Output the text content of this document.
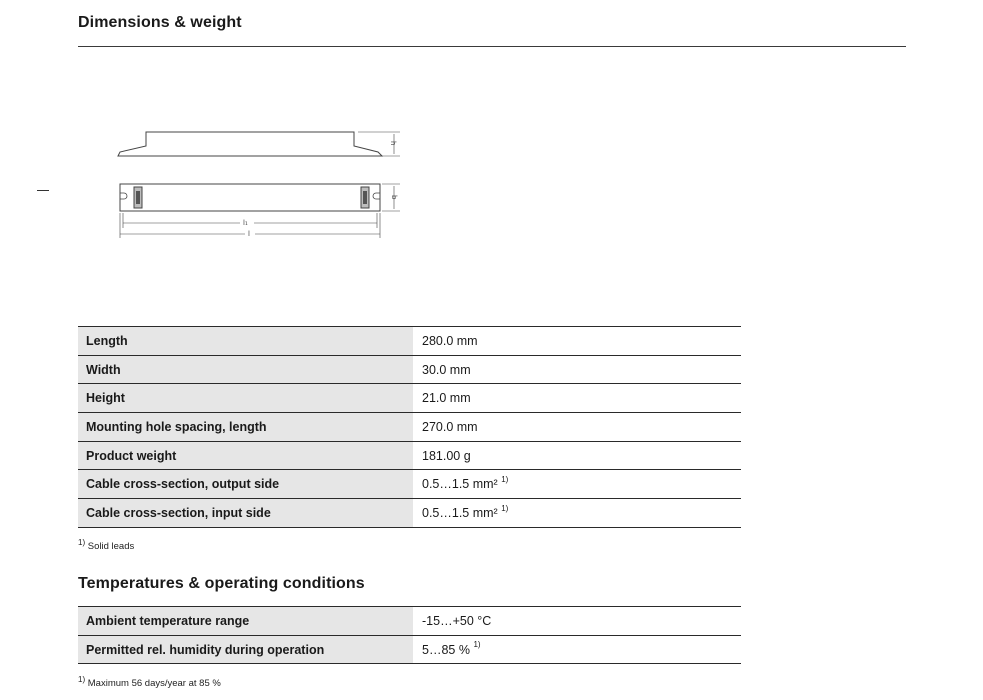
Dimensions & weight
h
b
l₁
l
Length	280.0 mm
Width	30.0 mm
Height	21.0 mm
Mounting hole spacing, length	270.0 mm
Product weight	181.00 g
Cable cross-section, output side	0.5…1.5 mm² $^{1)}$
Cable cross-section, input side	0.5…1.5 mm² $^{1)}$
$^{1)}$ Solid leads
Temperatures & operating conditions
Ambient temperature range	-15…+50 °C
Permitted rel. humidity during operation	5…85 % $^{1)}$
$^{1)}$ Maximum 56 days/year at 85 %
